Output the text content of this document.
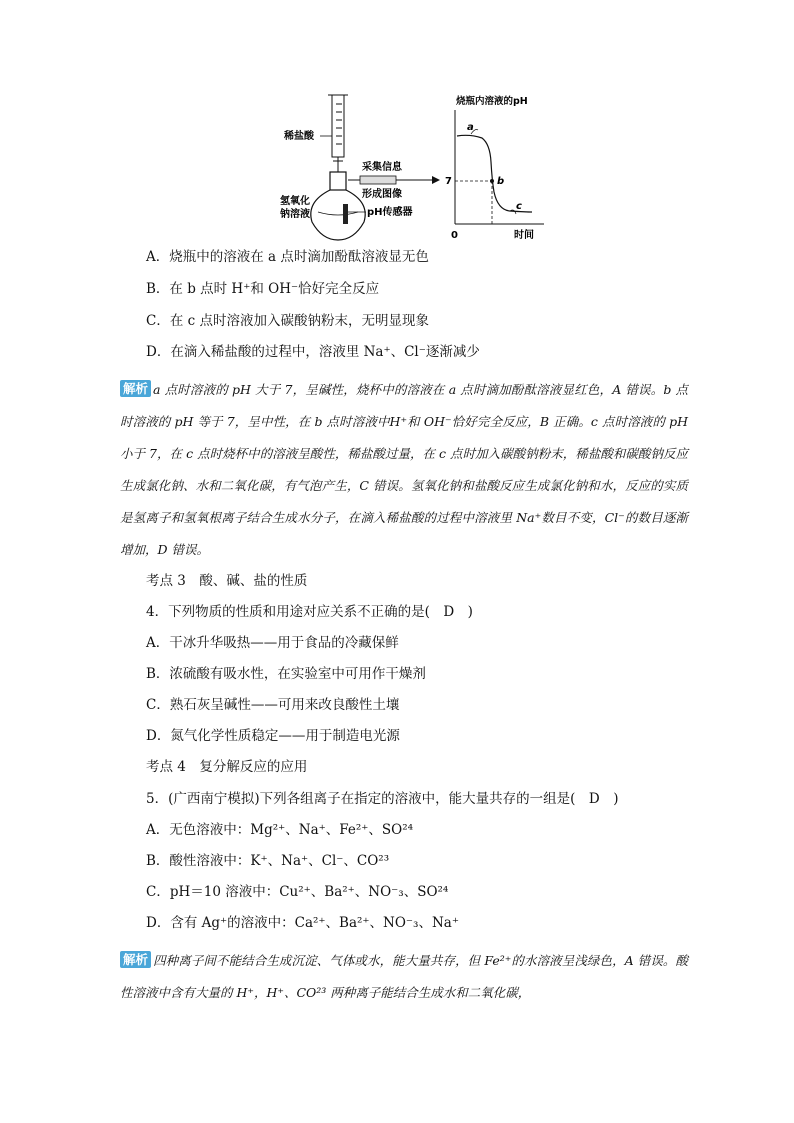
稀盐酸
氢氧化
钠溶液	pH传感器
采集信息
形成图像
烧瓶内溶液的pH
7
0	时间
a
b
c
A．烧瓶中的溶液在 a 点时滴加酚酞溶液显无色
B．在 b 点时 H⁺和 OH⁻恰好完全反应
C．在 c 点时溶液加入碳酸钠粉末，无明显现象
D．在滴入稀盐酸的过程中，溶液里 Na⁺、Cl⁻逐渐减少
解析 a 点时溶液的 pH 大于 7，呈碱性，烧杯中的溶液在 a 点时滴加酚酞溶液显红色，A 错误。b 点时溶液的 pH 等于 7，呈中性，在 b 点时溶液中H⁺和 OH⁻恰好完全反应，B 正确。c 点时溶液的 pH 小于 7，在 c 点时烧杯中的溶液呈酸性，稀盐酸过量，在 c 点时加入碳酸钠粉末，稀盐酸和碳酸钠反应生成氯化钠、水和二氧化碳，有气泡产生，C 错误。氢氧化钠和盐酸反应生成氯化钠和水，反应的实质是氢离子和氢氧根离子结合生成水分子，在滴入稀盐酸的过程中溶液里 Na⁺数目不变，Cl⁻的数目逐渐增加，D 错误。
考点 3　酸、碱、盐的性质
4．下列物质的性质和用途对应关系不正确的是(　D　)
A．干冰升华吸热——用于食品的冷藏保鲜
B．浓硫酸有吸水性，在实验室中可用作干燥剂
C．熟石灰呈碱性——可用来改良酸性土壤
D．氮气化学性质稳定——用于制造电光源
考点 4　复分解反应的应用
5．(广西南宁模拟)下列各组离子在指定的溶液中，能大量共存的一组是(　D　)
A．无色溶液中：Mg²⁺、Na⁺、Fe²⁺、SO²⁴
B．酸性溶液中：K⁺、Na⁺、Cl⁻、CO²³
C．pH＝10 溶液中：Cu²⁺、Ba²⁺、NO⁻₃、SO²⁴
D．含有 Ag⁺的溶液中：Ca²⁺、Ba²⁺、NO⁻₃、Na⁺
解析 四种离子间不能结合生成沉淀、气体或水，能大量共存，但 Fe²⁺的水溶液呈浅绿色，A 错误。酸性溶液中含有大量的 H⁺，H⁺、CO²³ 两种离子能结合生成水和二氧化碳，
